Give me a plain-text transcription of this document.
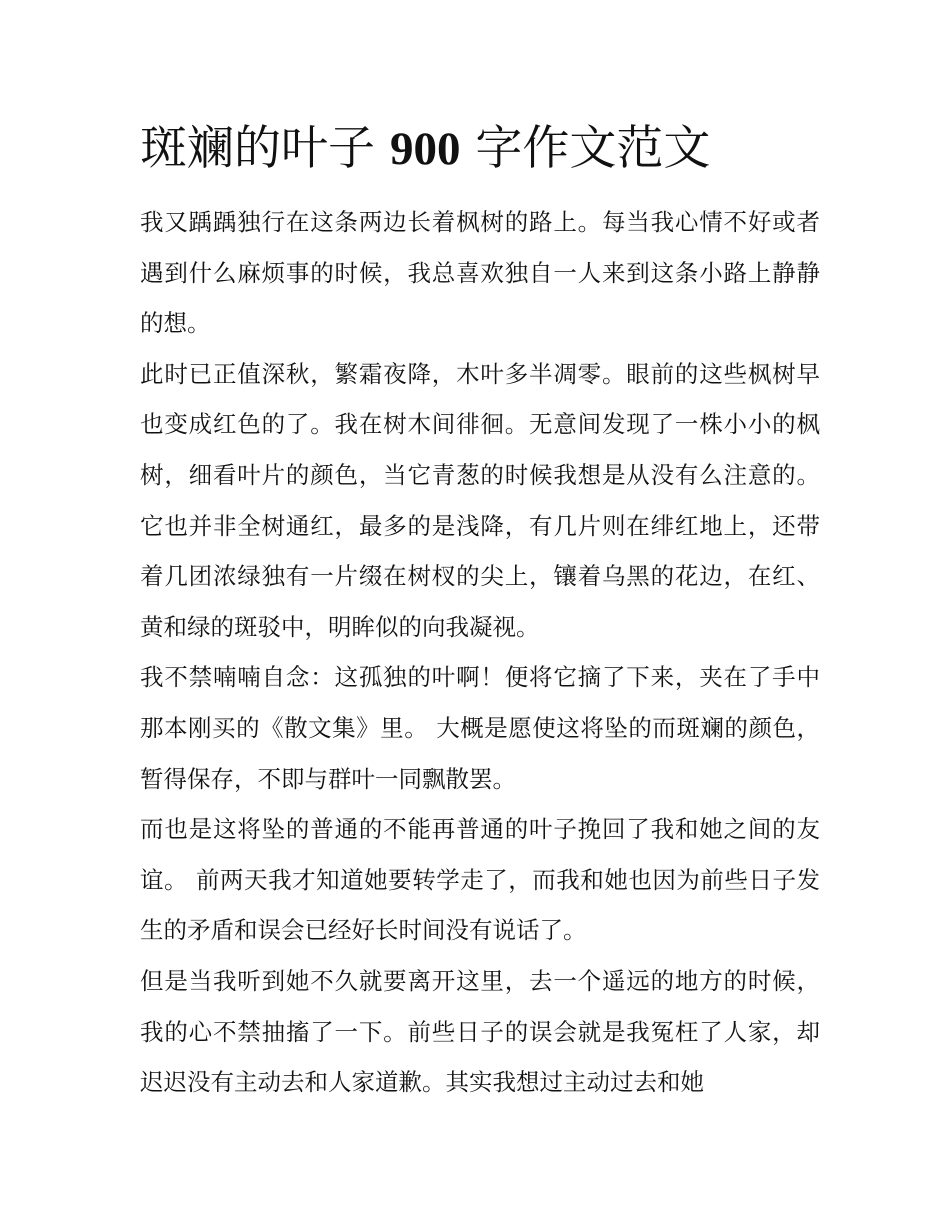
斑斓的叶子 900 字作文范文

我又踽踽独行在这条两边长着枫树的路上。每当我心情不好或者遇到什么麻烦事的时候，我总喜欢独自一人来到这条小路上静静的想。

此时已正值深秋，繁霜夜降，木叶多半凋零。眼前的这些枫树早也变成红色的了。我在树木间徘徊。无意间发现了一株小小的枫树，细看叶片的颜色，当它青葱的时候我想是从没有么注意的。它也并非全树通红，最多的是浅降，有几片则在绯红地上，还带着几团浓绿独有一片缀在树杈的尖上，镶着乌黑的花边，在红、黄和绿的斑驳中，明眸似的向我凝视。

我不禁喃喃自念：这孤独的叶啊！便将它摘了下来，夹在了手中那本刚买的《散文集》里。 大概是愿使这将坠的而斑斓的颜色，暂得保存，不即与群叶一同飘散罢。

而也是这将坠的普通的不能再普通的叶子挽回了我和她之间的友谊。 前两天我才知道她要转学走了，而我和她也因为前些日子发生的矛盾和误会已经好长时间没有说话了。

但是当我听到她不久就要离开这里，去一个遥远的地方的时候，我的心不禁抽搐了一下。前些日子的误会就是我冤枉了人家，却迟迟没有主动去和人家道歉。其实我想过主动过去和她
